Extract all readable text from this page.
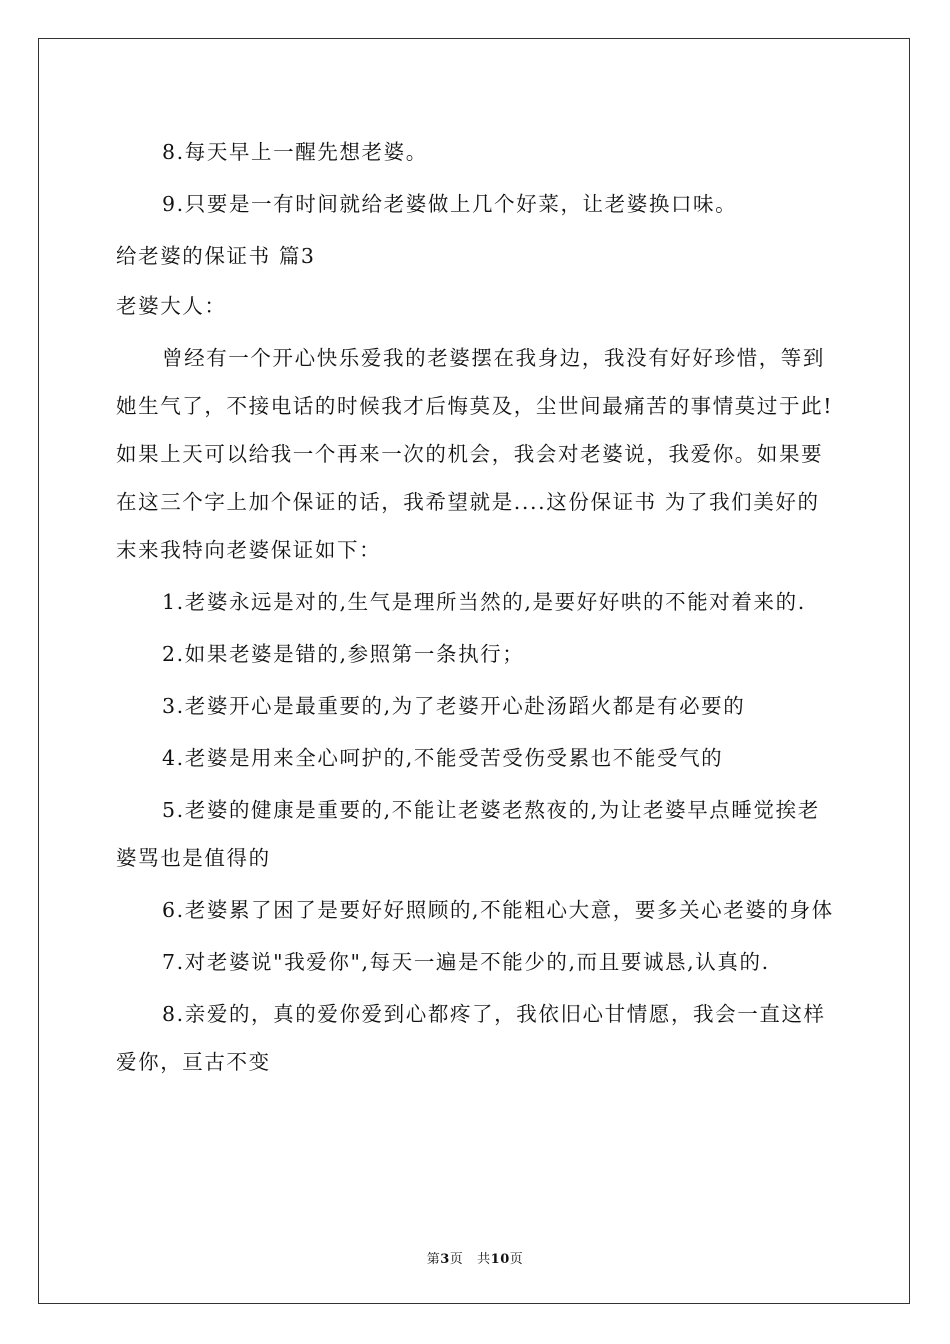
8.每天早上一醒先想老婆。

9.只要是一有时间就给老婆做上几个好菜，让老婆换口味。

给老婆的保证书 篇3

老婆大人：

曾经有一个开心快乐爱我的老婆摆在我身边，我没有好好珍惜，等到她生气了，不接电话的时候我才后悔莫及，尘世间最痛苦的事情莫过于此!如果上天可以给我一个再来一次的机会，我会对老婆说，我爱你。如果要在这三个字上加个保证的话，我希望就是....这份保证书 为了我们美好的末来我特向老婆保证如下：

1.老婆永远是对的,生气是理所当然的,是要好好哄的不能对着来的.

2.如果老婆是错的,参照第一条执行；

3.老婆开心是最重要的,为了老婆开心赴汤蹈火都是有必要的

4.老婆是用来全心呵护的,不能受苦受伤受累也不能受气的

5.老婆的健康是重要的,不能让老婆老熬夜的,为让老婆早点睡觉挨老婆骂也是值得的

6.老婆累了困了是要好好照顾的,不能粗心大意，要多关心老婆的身体

7.对老婆说"我爱你",每天一遍是不能少的,而且要诚恳,认真的.

8.亲爱的，真的爱你爱到心都疼了，我依旧心甘情愿，我会一直这样爱你，亘古不变

第3页   共10页
